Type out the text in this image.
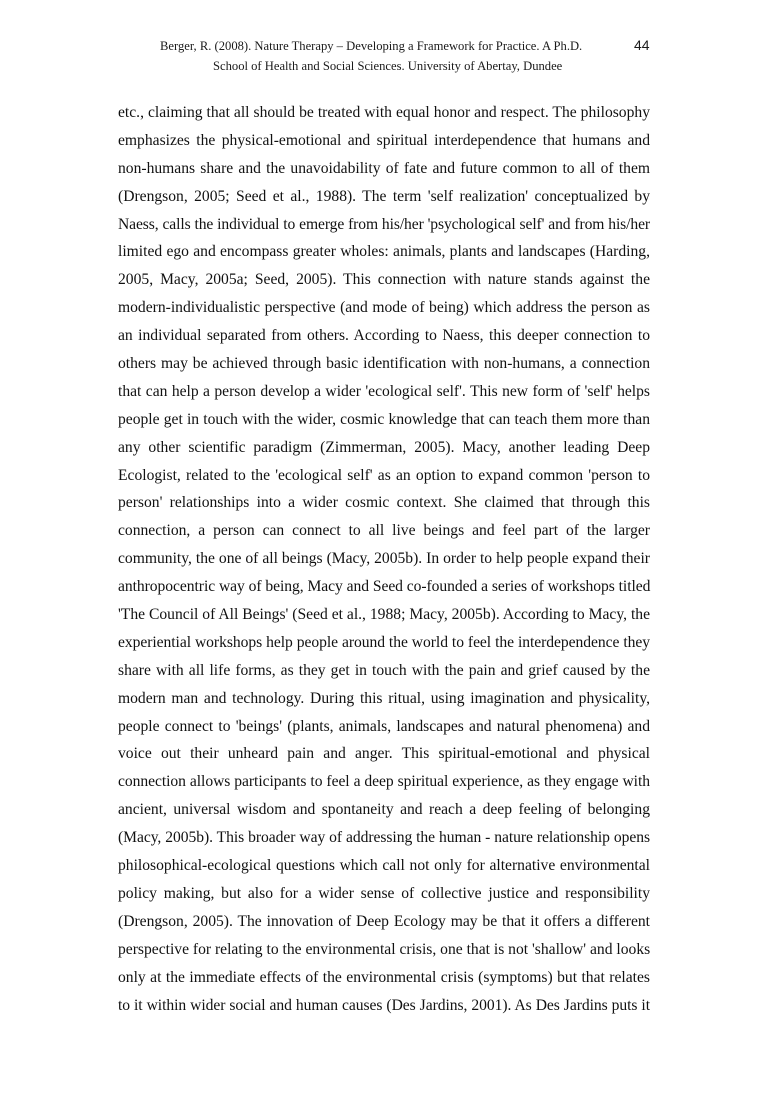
Berger, R. (2008). Nature Therapy – Developing a Framework for Practice. A Ph.D.
School of Health and Social Sciences. University of Abertay, Dundee
44
etc., claiming that all should be treated with equal honor and respect. The philosophy
emphasizes the physical-emotional and spiritual interdependence that humans and
non-humans share and the unavoidability of fate and future common to all of them
(Drengson, 2005; Seed et al., 1988). The term 'self realization' conceptualized by
Naess, calls the individual to emerge from his/her 'psychological self' and from his/her
limited ego and encompass greater wholes: animals, plants and landscapes (Harding,
2005, Macy, 2005a; Seed, 2005). This connection with nature stands against the
modern-individualistic perspective (and mode of being) which address the person as
an individual separated from others. According to Naess, this deeper connection to
others may be achieved through basic identification with non-humans, a connection
that can help a person develop a wider 'ecological self'. This new form of 'self' helps
people get in touch with the wider, cosmic knowledge that can teach them more than
any other scientific paradigm (Zimmerman, 2005). Macy, another leading Deep
Ecologist, related to the 'ecological self' as an option to expand common 'person to
person' relationships into a wider cosmic context. She claimed that through this
connection, a person can connect to all live beings and feel part of the larger
community, the one of all beings (Macy, 2005b). In order to help people expand their
anthropocentric way of being, Macy and Seed co-founded a series of workshops titled
'The Council of All Beings' (Seed et al., 1988; Macy, 2005b). According to Macy, the
experiential workshops help people around the world to feel the interdependence they
share with all life forms, as they get in touch with the pain and grief caused by the
modern man and technology. During this ritual, using imagination and physicality,
people connect to 'beings' (plants, animals, landscapes and natural phenomena) and
voice out their unheard pain and anger. This spiritual-emotional and physical
connection allows participants to feel a deep spiritual experience, as they engage with
ancient, universal wisdom and spontaneity and reach a deep feeling of belonging
(Macy, 2005b). This broader way of addressing the human - nature relationship opens
philosophical-ecological questions which call not only for alternative environmental
policy making, but also for a wider sense of collective justice and responsibility
(Drengson, 2005). The innovation of Deep Ecology may be that it offers a different
perspective for relating to the environmental crisis, one that is not 'shallow' and looks
only at the immediate effects of the environmental crisis (symptoms) but that relates
to it within wider social and human causes (Des Jardins, 2001). As Des Jardins puts it
